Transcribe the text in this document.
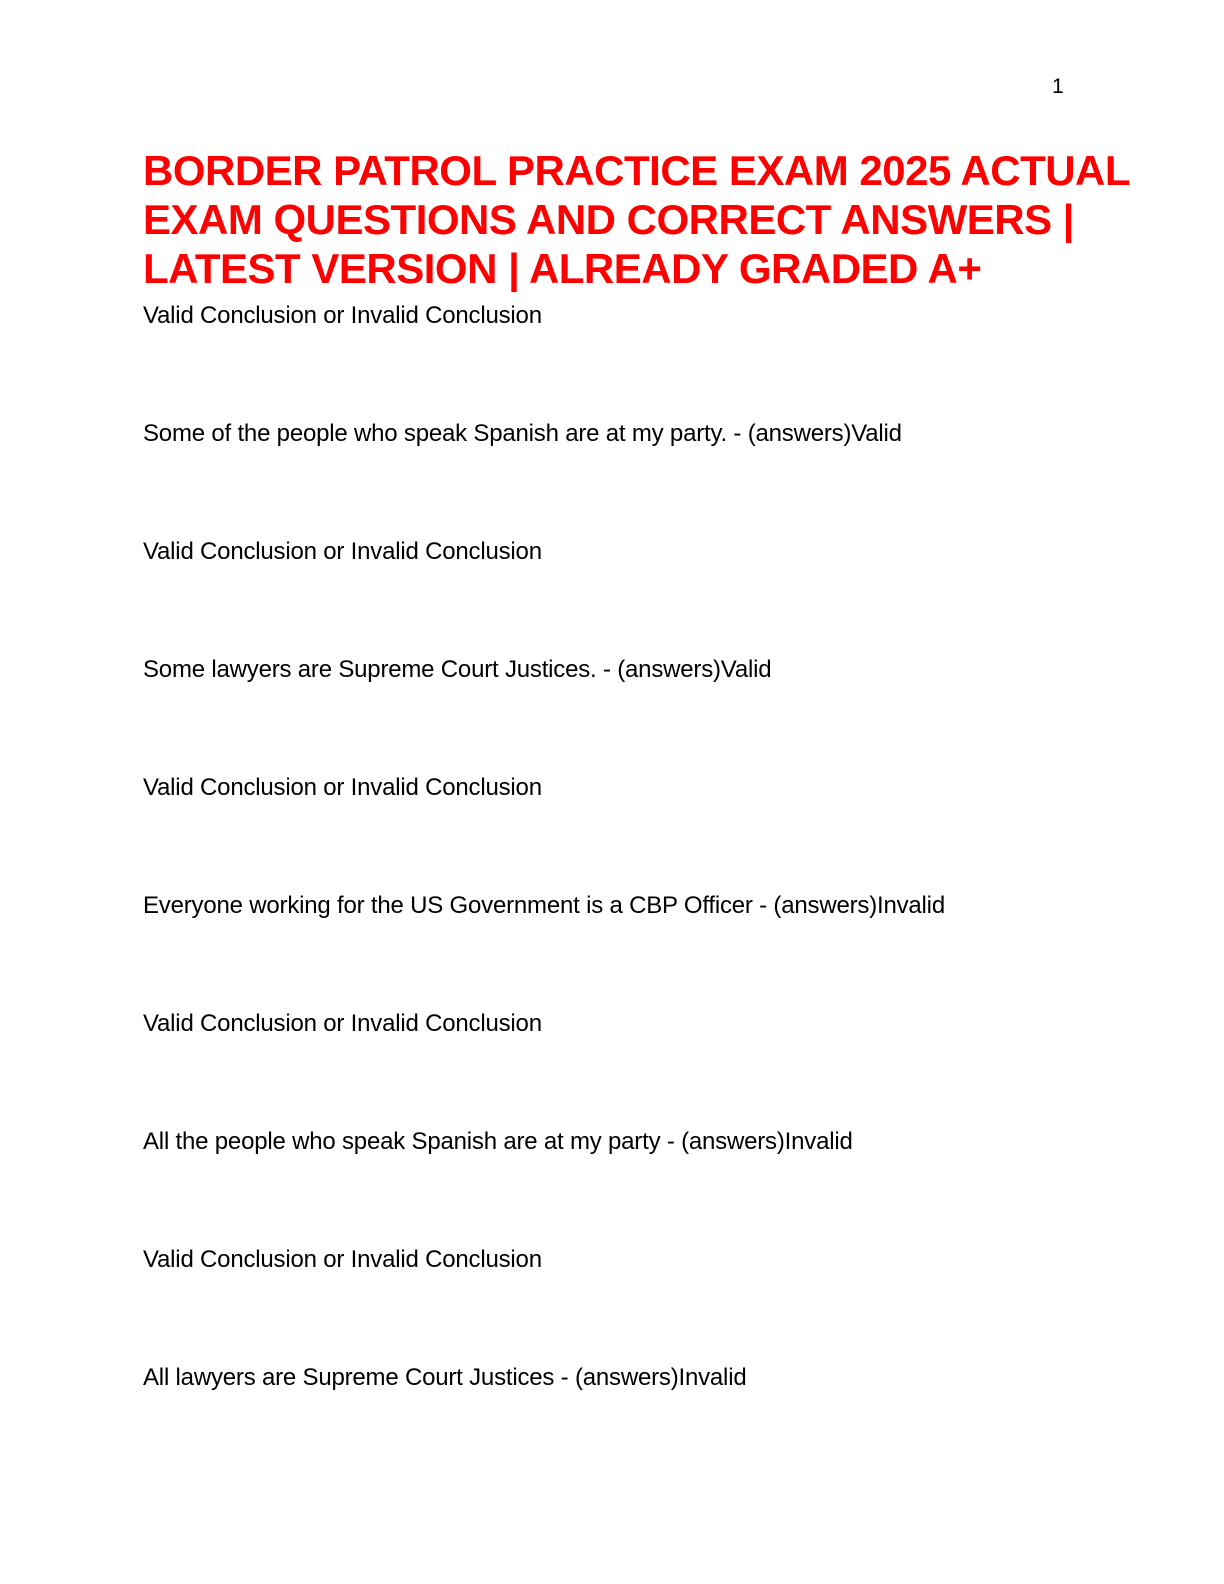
1
BORDER PATROL PRACTICE EXAM 2025 ACTUAL
EXAM QUESTIONS AND CORRECT ANSWERS |
LATEST VERSION | ALREADY GRADED A+

Valid Conclusion or Invalid Conclusion

Some of the people who speak Spanish are at my party. - (answers)Valid

Valid Conclusion or Invalid Conclusion

Some lawyers are Supreme Court Justices. - (answers)Valid

Valid Conclusion or Invalid Conclusion

Everyone working for the US Government is a CBP Officer - (answers)Invalid

Valid Conclusion or Invalid Conclusion

All the people who speak Spanish are at my party - (answers)Invalid

Valid Conclusion or Invalid Conclusion

All lawyers are Supreme Court Justices - (answers)Invalid
